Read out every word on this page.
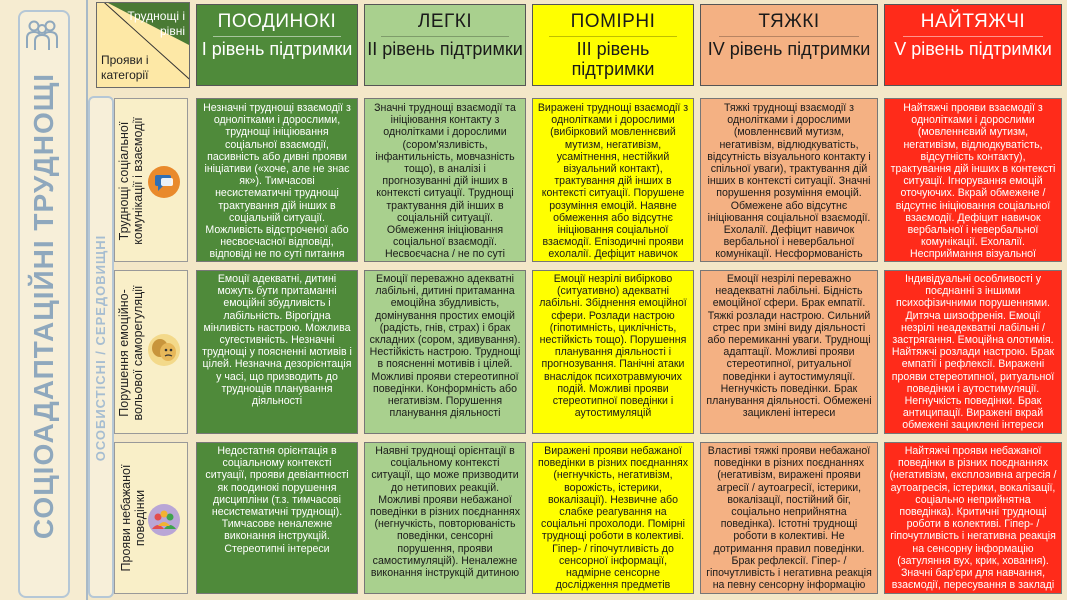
СОЦІОАДАПТАЦІЙНІ ТРУДНОЩІ	ОСОБИСТІСНІ / СЕРЕДОВИЩНІ
Труднощі і рівні
Прояви і категорії
ПООДИНОКІ
I рівень підтримки
ЛЕГКІ
II рівень підтримки
ПОМІРНІ
III рівень підтримки
ТЯЖКІ
IV рівень підтримки
НАЙТЯЖЧІ
V рівень підтримки
Труднощі соціальної комунікації і взаємодії
Порушення емоційно-вольової саморегуляції
Прояви небажаної поведінки
Незначні труднощі взаємодії з однолітками і дорослими, труднощі ініціювання соціальної взаємодії, пасивність або дивні прояви ініціативи («хоче, але не знає як»). Тимчасові несистематичні труднощі трактування дій інших в соціальній ситуації. Можливість відстроченої або несвоєчасної відповіді, відповіді не по суті питання
Значні труднощі взаємодії та ініціювання контакту з однолітками і дорослими (сором'язливість, інфантильність, мовчазність тощо), в аналізі і прогнозуванні дій інших в контексті ситуації. Труднощі трактування дій інших в соціальній ситуації. Обмеження ініціювання соціальної взаємодії. Несвоєчасна / не по суті
Виражені труднощі взаємодії з однолітками і дорослими (вибірковий мовленнєвий мутизм, негативізм, усамітнення, нестійкий візуальний контакт), трактування дій інших в контексті ситуації. Порушене розуміння емоцій. Наявне обмеження або відсутнє ініціювання соціальної взаємодії. Епізодичні прояви ехолалії. Дефіцит навичок
Тяжкі труднощі взаємодії з однолітками і дорослими (мовленнєвий мутизм, негативізм, відлюдкуватість, відсутність візуального контакту і спільної уваги), трактування дій інших в контексті ситуації. Значні порушення розуміння емоцій. Обмежене або відсутнє ініціювання соціальної взаємодії. Ехолалії. Дефіцит навичок вербальної і невербальної комунікації. Несформованість
Найтяжчі прояви взаємодії з однолітками і дорослими (мовленнєвий мутизм, негативізм, відлюдкуватість, відсутність контакту), трактування дій інших в контексті ситуації. Ігнорування емоцій оточуючих. Вкрай обмежене / відсутнє ініціювання соціальної взаємодії. Дефіцит навичок вербальної і невербальної комунікації. Ехолалії. Несприймання візуальної
Емоції адекватні, дитині можуть бути притаманні емоційні збудливість і лабільність. Вірогідна мінливість настрою. Можлива сугестивність. Незначні труднощі у поясненні мотивів і цілей. Незначна дезорієнтація у часі, що призводить до труднощів планування діяльності
Емоції переважно адекватні лабільні, дитині притаманна емоційна збудливість, домінування простих емоцій (радість, гнів, страх) і брак складних (сором, здивування). Нестійкість настрою. Труднощі в поясненні мотивів і цілей. Можливі прояви стереотипної поведінки. Конформність або негативізм. Порушення планування діяльності
Емоції незрілі вибірково (ситуативно) адекватні лабільні. Збіднення емоційної сфери. Розлади настрою (гіпотимність, циклічність, нестійкість тощо). Порушення планування діяльності і прогнозування. Панічні атаки внаслідок психотравмуючих подій. Можливі прояви стереотипної поведінки і аутостимуляцій
Емоції незрілі переважно неадекватні лабільні. Бідність емоційної сфери. Брак емпатії. Тяжкі розлади настрою. Сильний стрес при зміні виду діяльності або перемиканні уваги. Труднощі адаптації. Можливі прояви стереотипної, ритуальної поведінки і аутостимуляції. Негнучкість поведінки. Брак планування діяльності. Обмежені зациклені інтереси
Індивідуальні особливості у поєднанні з іншими психофізичними порушеннями. Дитяча шизофренія. Емоції незрілі неадекватні лабільні / застрягання. Емоційна олотимія. Найтяжчі розлади настрою. Брак емпатії і рефлексії. Виражені прояви стереотипної, ритуальної поведінки і аутостимуляції. Негнучкість поведінки. Брак антиципації. Виражені вкрай обмежені зациклені інтереси
Недостатня орієнтація в соціальному контексті ситуації, прояви девіантності як поодинокі порушення дисципліни (т.з. тимчасові несистематичні труднощі). Тимчасове неналежне виконання інструкцій. Стереотипні інтереси
Наявні труднощі орієнтації в соціальному контексті ситуації, що може призводити до нетипових реакцій. Можливі прояви небажаної поведінки в різних поєднаннях (негнучкість, повторюваність поведінки, сенсорні порушення, прояви самостимуляцій). Неналежне виконання інструкцій дитиною
Виражені прояви небажаної поведінки в різних поєднаннях (негнучкість, негативізм, ворожість, істерики, вокалізації). Незвичне або слабке реагування на соціальні прохолоди. Помірні труднощі роботи в колективі. Гіпер- / гіпочутливість до сенсорної інформації, надмірне сенсорне дослідження предметів
Властиві тяжкі прояви небажаної поведінки в різних поєднаннях (негативізм, виражені прояви агресії / аутоагресії, істерики, вокалізації, постійний біг, соціально неприйнятна поведінка). Істотні труднощі роботи в колективі. Не дотримання правил поведінки. Брак рефлексії. Гіпер- / гіпочутливість і негативна реакція на певну сенсорну інформацію
Найтяжчі прояви небажаної поведінки в різних поєднаннях (негативізм, експлозивна агресія / аутоагресія, істерики, вокалізації, соціально неприйнятна поведінка). Критичні труднощі роботи в колективі. Гіпер- / гіпочутливість і негативна реакція на сенсорну інформацію (затуляння вух, крик, ховання). Значні бар'єри для навчання, взаємодії, пересування в закладі
